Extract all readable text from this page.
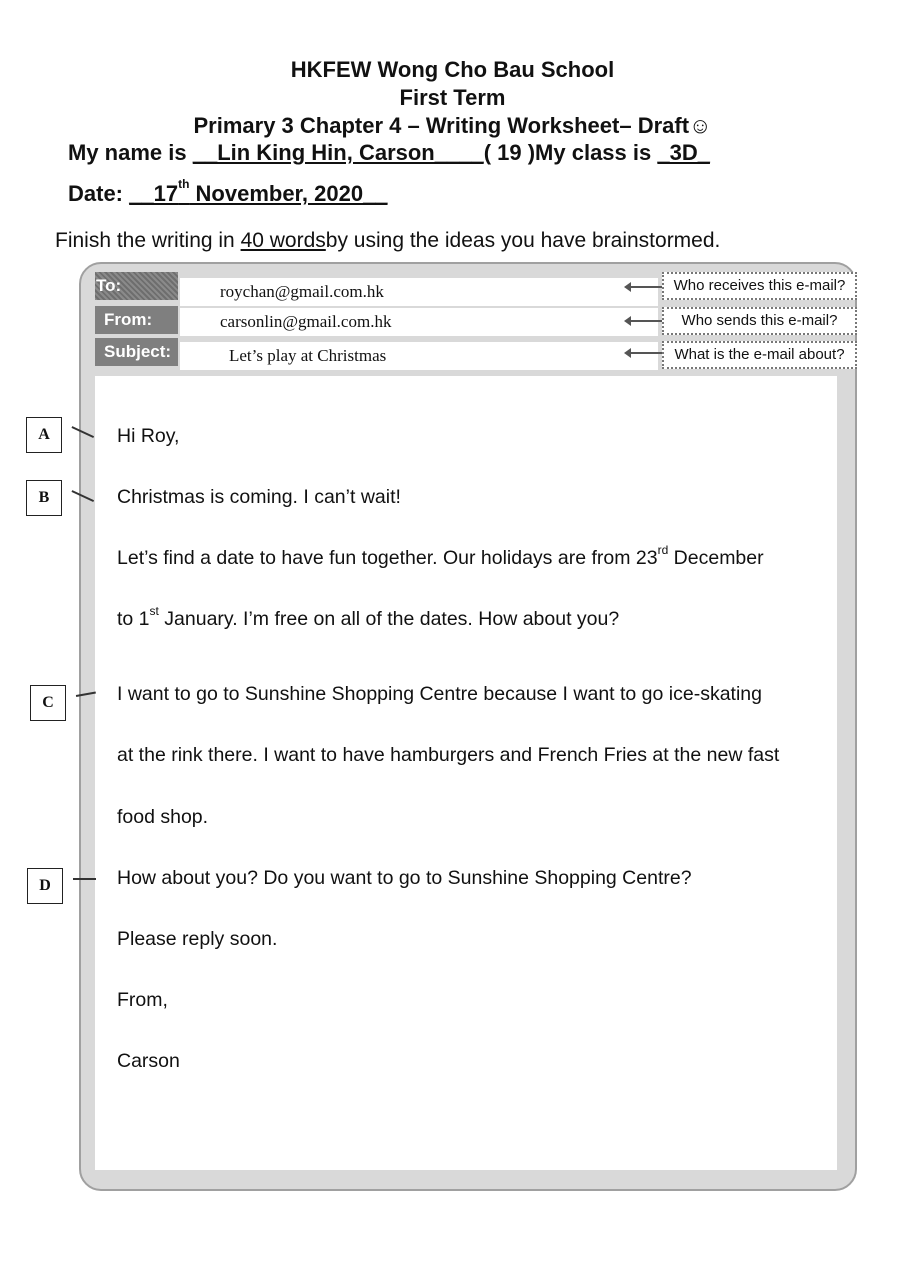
HKFEW Wong Cho Bau School
First Term
Primary 3 Chapter 4 – Writing Worksheet– Draft☺
My name is __Lin King Hin, Carson____( 19 )My class is _3D_
Date: __17th November, 2020__
Finish the writing in 40 wordsby using the ideas you have brainstormed.
To:	roychan@gmail.com.hk	Who receives this e-mail?
From:	carsonlin@gmail.com.hk	Who sends this e-mail?
Subject:	Let’s play at Christmas	What is the e-mail about?
Hi Roy,
Christmas is coming. I can’t wait!
Let’s find a date to have fun together. Our holidays are from 23rd December
to 1st January. I’m free on all of the dates. How about you?
I want to go to Sunshine Shopping Centre because I want to go ice-skating
at the rink there. I want to have hamburgers and French Fries at the new fast
food shop.
How about you? Do you want to go to Sunshine Shopping Centre?
Please reply soon.
From,
Carson
A
B
C
D
